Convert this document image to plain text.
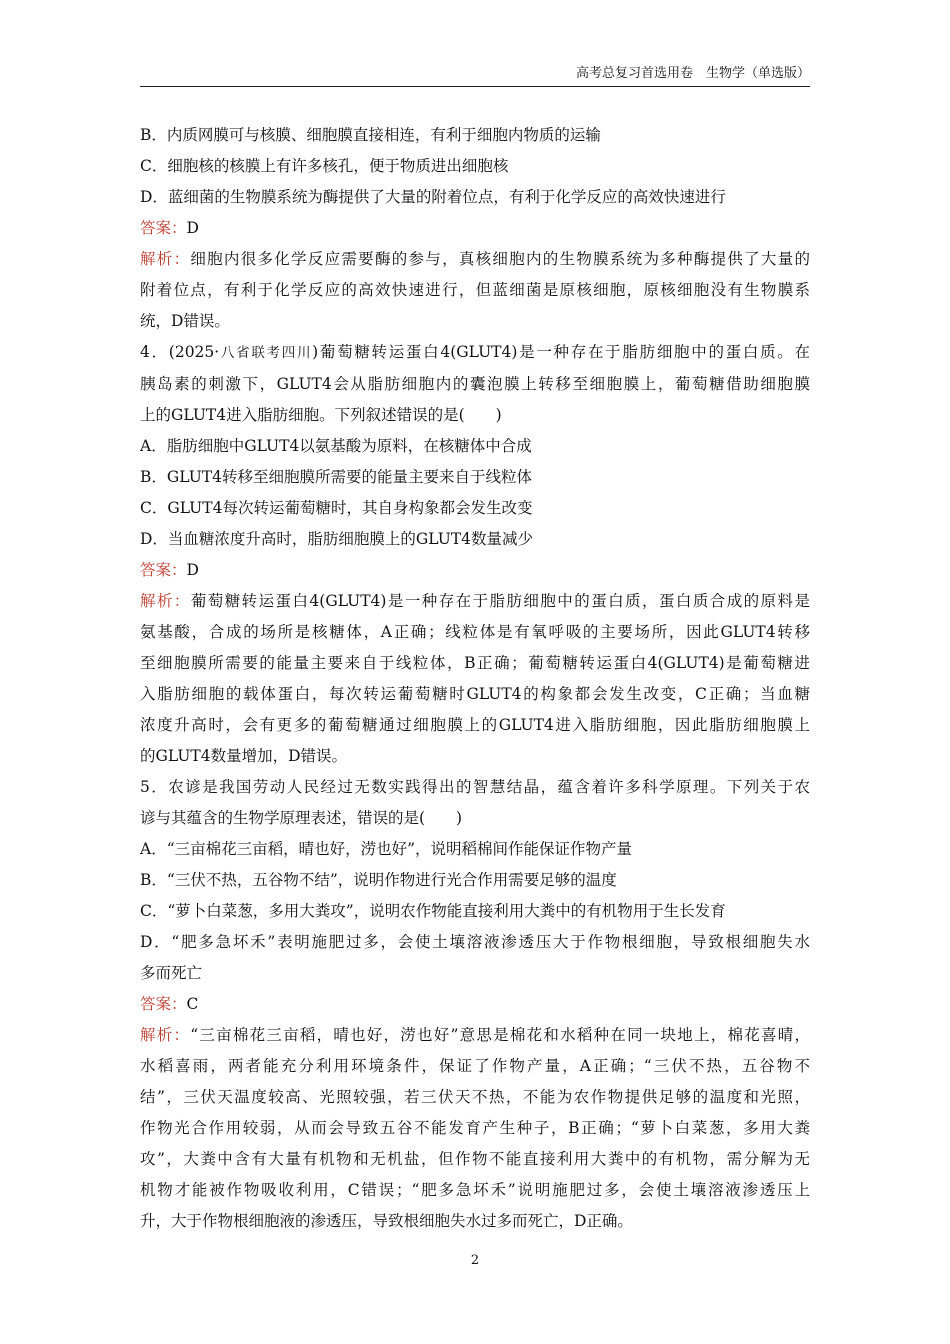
高考总复习首选用卷　生物学（单选版）
B．内质网膜可与核膜、细胞膜直接相连，有利于细胞内物质的运输
C．细胞核的核膜上有许多核孔，便于物质进出细胞核
D．蓝细菌的生物膜系统为酶提供了大量的附着位点，有利于化学反应的高效快速进行
答案：D
解析：细胞内很多化学反应需要酶的参与，真核细胞内的生物膜系统为多种酶提供了大量的
附着位点，有利于化学反应的高效快速进行，但蓝细菌是原核细胞，原核细胞没有生物膜系
统，D错误。
4．(2025·八省联考四川)葡萄糖转运蛋白4(GLUT4)是一种存在于脂肪细胞中的蛋白质。在
胰岛素的刺激下，GLUT4会从脂肪细胞内的囊泡膜上转移至细胞膜上，葡萄糖借助细胞膜
上的GLUT4进入脂肪细胞。下列叙述错误的是(　　)
A．脂肪细胞中GLUT4以氨基酸为原料，在核糖体中合成
B．GLUT4转移至细胞膜所需要的能量主要来自于线粒体
C．GLUT4每次转运葡萄糖时，其自身构象都会发生改变
D．当血糖浓度升高时，脂肪细胞膜上的GLUT4数量减少
答案：D
解析：葡萄糖转运蛋白4(GLUT4)是一种存在于脂肪细胞中的蛋白质，蛋白质合成的原料是
氨基酸，合成的场所是核糖体，A正确；线粒体是有氧呼吸的主要场所，因此GLUT4转移
至细胞膜所需要的能量主要来自于线粒体，B正确；葡萄糖转运蛋白4(GLUT4)是葡萄糖进
入脂肪细胞的载体蛋白，每次转运葡萄糖时GLUT4的构象都会发生改变，C正确；当血糖
浓度升高时，会有更多的葡萄糖通过细胞膜上的GLUT4进入脂肪细胞，因此脂肪细胞膜上
的GLUT4数量增加，D错误。
5．农谚是我国劳动人民经过无数实践得出的智慧结晶，蕴含着许多科学原理。下列关于农
谚与其蕴含的生物学原理表述，错误的是(　　)
A．“三亩棉花三亩稻，晴也好，涝也好”，说明稻棉间作能保证作物产量
B．“三伏不热，五谷物不结”，说明作物进行光合作用需要足够的温度
C．“萝卜白菜葱，多用大粪攻”，说明农作物能直接利用大粪中的有机物用于生长发育
D．“肥多急坏禾”表明施肥过多，会使土壤溶液渗透压大于作物根细胞，导致根细胞失水
多而死亡
答案：C
解析：“三亩棉花三亩稻，晴也好，涝也好”意思是棉花和水稻种在同一块地上，棉花喜晴，
水稻喜雨，两者能充分利用环境条件，保证了作物产量，A正确；“三伏不热，五谷物不
结”，三伏天温度较高、光照较强，若三伏天不热，不能为农作物提供足够的温度和光照，
作物光合作用较弱，从而会导致五谷不能发育产生种子，B正确；“萝卜白菜葱，多用大粪
攻”，大粪中含有大量有机物和无机盐，但作物不能直接利用大粪中的有机物，需分解为无
机物才能被作物吸收利用，C错误；“肥多急坏禾”说明施肥过多，会使土壤溶液渗透压上
升，大于作物根细胞液的渗透压，导致根细胞失水过多而死亡，D正确。
2
